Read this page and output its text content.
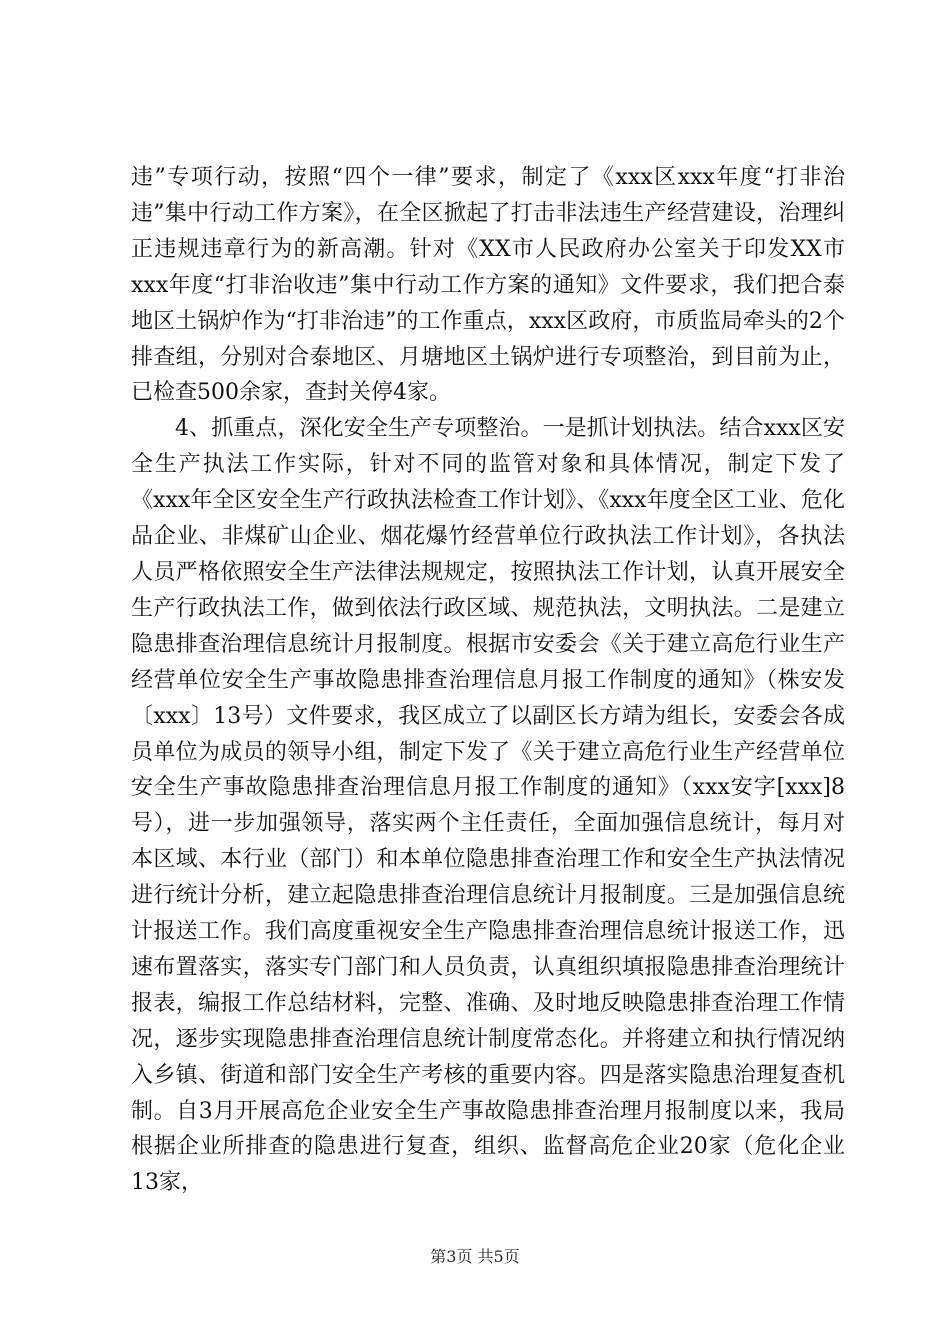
违”专项行动，按照“四个一律”要求，制定了《xxx区xxx年度“打非治违”集中行动工作方案》，在全区掀起了打击非法违生产经营建设，治理纠正违规违章行为的新高潮。针对《XX市人民政府办公室关于印发XX市xxx年度“打非治收违”集中行动工作方案的通知》文件要求，我们把合泰地区土锅炉作为“打非治违”的工作重点，xxx区政府，市质监局牵头的2个排查组，分别对合泰地区、月塘地区土锅炉进行专项整治，到目前为止，已检查500余家，查封关停4家。

4、抓重点，深化安全生产专项整治。一是抓计划执法。结合xxx区安全生产执法工作实际，针对不同的监管对象和具体情况，制定下发了《xxx年全区安全生产行政执法检查工作计划》、《xxx年度全区工业、危化品企业、非煤矿山企业、烟花爆竹经营单位行政执法工作计划》，各执法人员严格依照安全生产法律法规规定，按照执法工作计划，认真开展安全生产行政执法工作，做到依法行政区域、规范执法，文明执法。二是建立隐患排查治理信息统计月报制度。根据市安委会《关于建立高危行业生产经营单位安全生产事故隐患排查治理信息月报工作制度的通知》（株安发〔xxx〕13号）文件要求，我区成立了以副区长方靖为组长，安委会各成员单位为成员的领导小组，制定下发了《关于建立高危行业生产经营单位安全生产事故隐患排查治理信息月报工作制度的通知》（xxx安字[xxx]8号），进一步加强领导，落实两个主任责任，全面加强信息统计，每月对本区域、本行业（部门）和本单位隐患排查治理工作和安全生产执法情况进行统计分析，建立起隐患排查治理信息统计月报制度。三是加强信息统计报送工作。我们高度重视安全生产隐患排查治理信息统计报送工作，迅速布置落实，落实专门部门和人员负责，认真组织填报隐患排查治理统计报表，编报工作总结材料，完整、准确、及时地反映隐患排查治理工作情况，逐步实现隐患排查治理信息统计制度常态化。并将建立和执行情况纳入乡镇、街道和部门安全生产考核的重要内容。四是落实隐患治理复查机制。自3月开展高危企业安全生产事故隐患排查治理月报制度以来，我局根据企业所排查的隐患进行复查，组织、监督高危企业20家（危化企业13家，

第3页 共5页
